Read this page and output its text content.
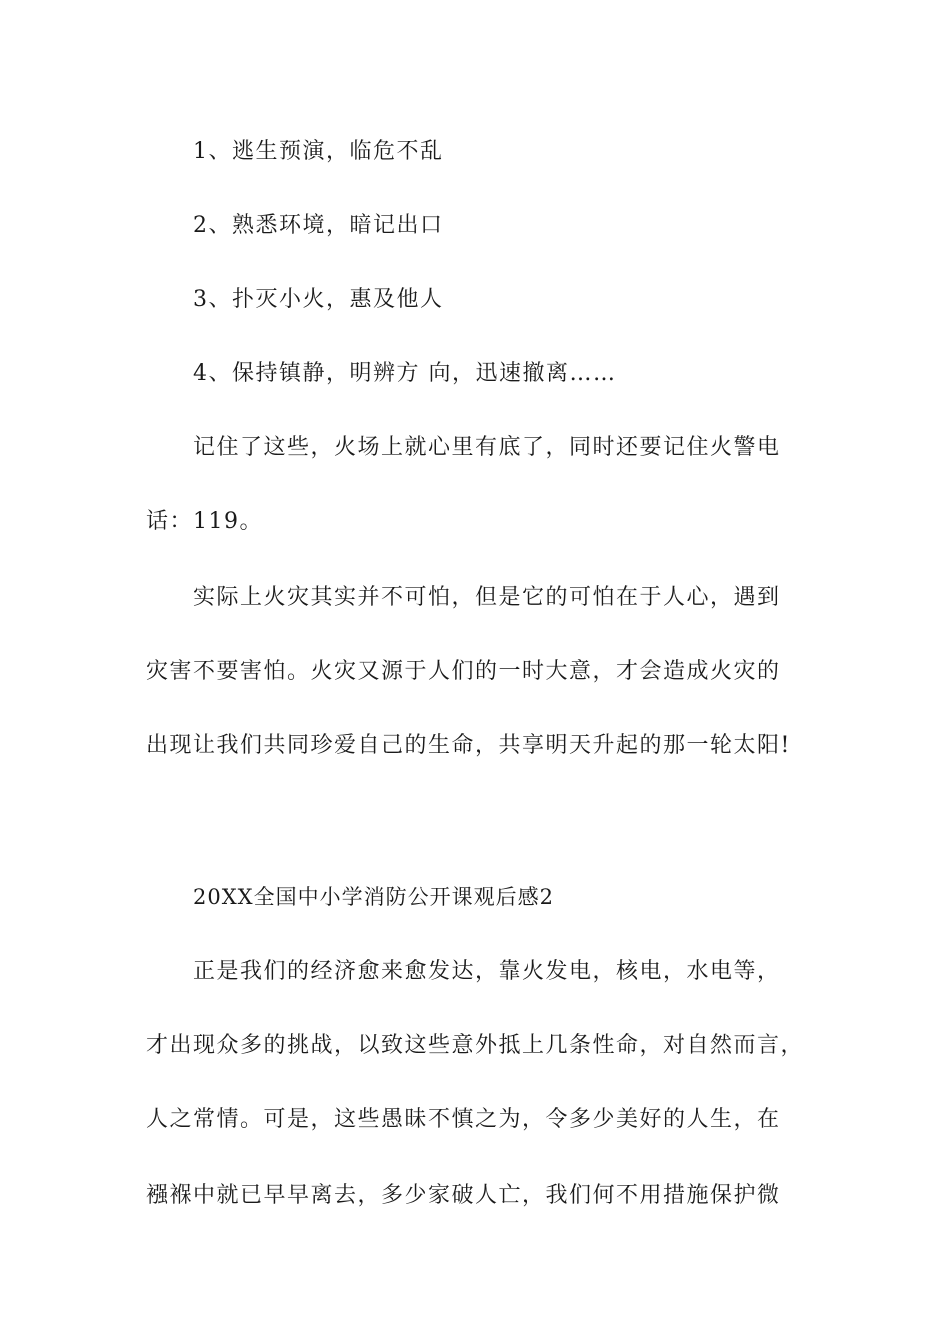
1、逃生预演，临危不乱
2、熟悉环境，暗记出口
3、扑灭小火，惠及他人
4、保持镇静，明辨方 向，迅速撤离……
记住了这些，火场上就心里有底了，同时还要记住火警电
话：119。
实际上火灾其实并不可怕，但是它的可怕在于人心，遇到
灾害不要害怕。火灾又源于人们的一时大意，才会造成火灾的
出现让我们共同珍爱自己的生命，共享明天升起的那一轮太阳!
20XX全国中小学消防公开课观后感2
正是我们的经济愈来愈发达，靠火发电，核电，水电等，
才出现众多的挑战，以致这些意外抵上几条性命，对自然而言，
人之常情。可是，这些愚昧不慎之为，令多少美好的人生，在
襁褓中就已早早离去，多少家破人亡，我们何不用措施保护微
